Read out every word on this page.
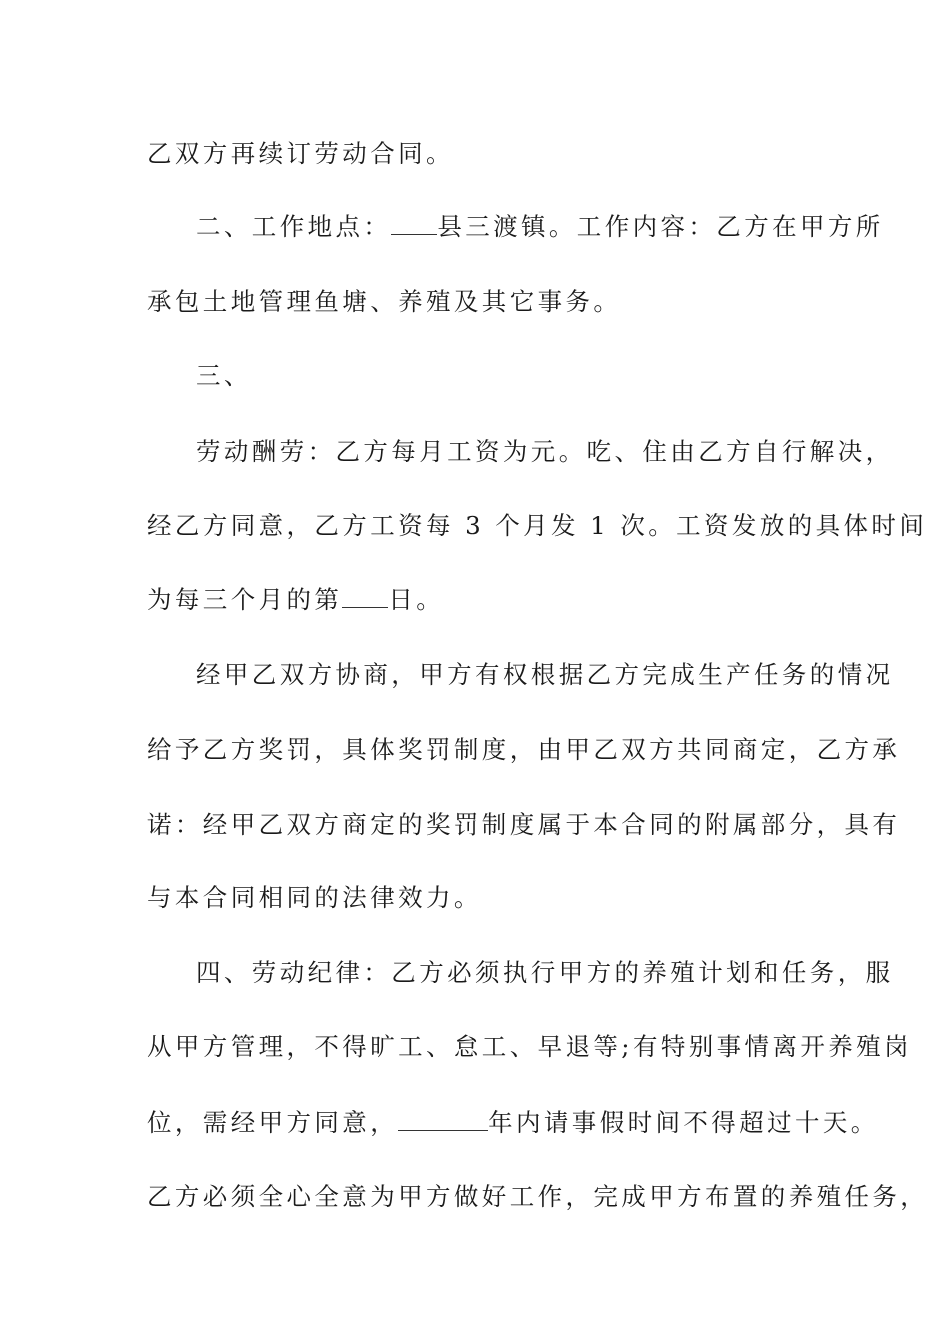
乙双方再续订劳动合同。
二、工作地点： 县三渡镇。工作内容：乙方在甲方所
承包土地管理鱼塘、养殖及其它事务。
三、
劳动酬劳：乙方每月工资为元。吃、住由乙方自行解决，
经乙方同意，乙方工资每 3 个月发 1 次。工资发放的具体时间
为每三个月的第 日。
经甲乙双方协商，甲方有权根据乙方完成生产任务的情况
给予乙方奖罚，具体奖罚制度，由甲乙双方共同商定，乙方承
诺：经甲乙双方商定的奖罚制度属于本合同的附属部分，具有
与本合同相同的法律效力。
四、劳动纪律：乙方必须执行甲方的养殖计划和任务，服
从甲方管理，不得旷工、怠工、早退等;有特别事情离开养殖岗
位，需经甲方同意，	年内请事假时间不得超过十天。
乙方必须全心全意为甲方做好工作，完成甲方布置的养殖任务，
